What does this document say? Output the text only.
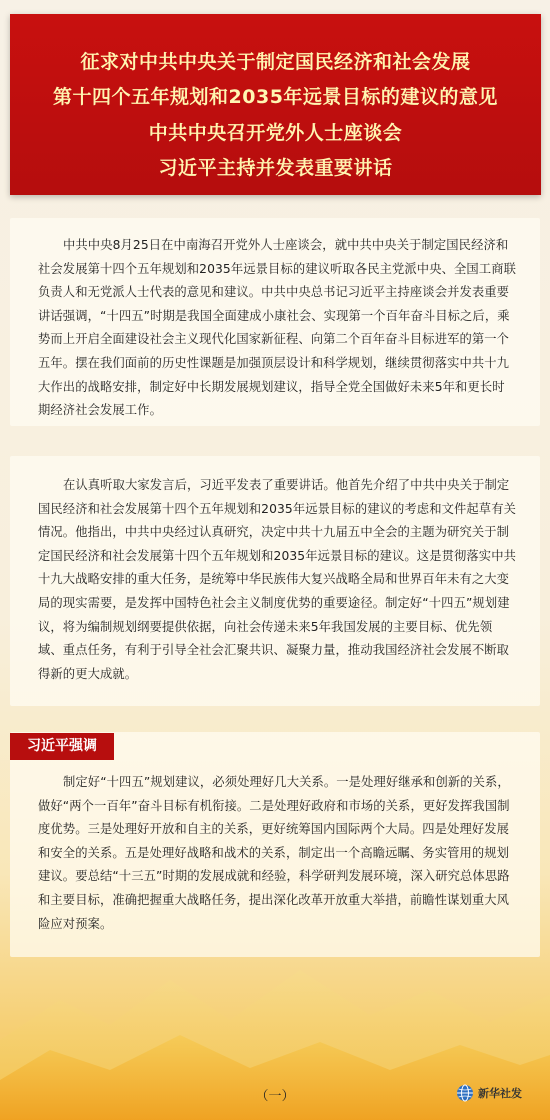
征求对中共中央关于制定国民经济和社会发展
第十四个五年规划和2035年远景目标的建议的意见
中共中央召开党外人士座谈会
习近平主持并发表重要讲话

中共中央8月25日在中南海召开党外人士座谈会，就中共中央关于制定国民经济和社会发展第十四个五年规划和2035年远景目标的建议听取各民主党派中央、全国工商联负责人和无党派人士代表的意见和建议。中共中央总书记习近平主持座谈会并发表重要讲话强调，“十四五”时期是我国全面建成小康社会、实现第一个百年奋斗目标之后，乘势而上开启全面建设社会主义现代化国家新征程、向第二个百年奋斗目标进军的第一个五年。摆在我们面前的历史性课题是加强顶层设计和科学规划，继续贯彻落实中共十九大作出的战略安排，制定好中长期发展规划建议，指导全党全国做好未来5年和更长时期经济社会发展工作。

在认真听取大家发言后，习近平发表了重要讲话。他首先介绍了中共中央关于制定国民经济和社会发展第十四个五年规划和2035年远景目标的建议的考虑和文件起草有关情况。他指出，中共中央经过认真研究，决定中共十九届五中全会的主题为研究关于制定国民经济和社会发展第十四个五年规划和2035年远景目标的建议。这是贯彻落实中共十九大战略安排的重大任务，是统筹中华民族伟大复兴战略全局和世界百年未有之大变局的现实需要，是发挥中国特色社会主义制度优势的重要途径。制定好“十四五”规划建议，将为编制规划纲要提供依据，向社会传递未来5年我国发展的主要目标、优先领域、重点任务，有利于引导全社会汇聚共识、凝聚力量，推动我国经济社会发展不断取得新的更大成就。

习近平强调

制定好“十四五”规划建议，必须处理好几大关系。一是处理好继承和创新的关系，做好“两个一百年”奋斗目标有机衔接。二是处理好政府和市场的关系，更好发挥我国制度优势。三是处理好开放和自主的关系，更好统筹国内国际两个大局。四是处理好发展和安全的关系。五是处理好战略和战术的关系，制定出一个高瞻远瞩、务实管用的规划建议。要总结“十三五”时期的发展成就和经验，科学研判发展环境，深入研究总体思路和主要目标，准确把握重大战略任务，提出深化改革开放重大举措，前瞻性谋划重大风险应对预案。

（一）	新华社发
